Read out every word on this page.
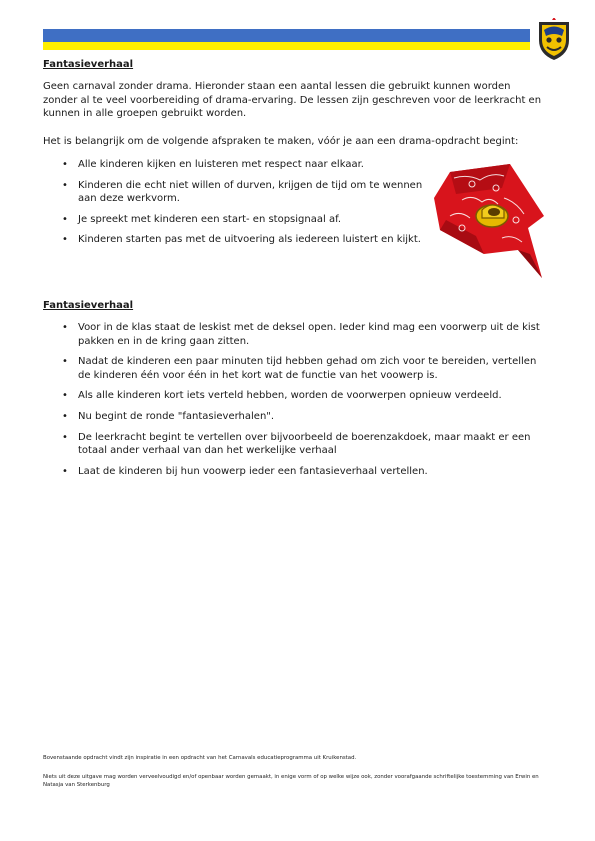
Fantasieverhaal
Geen carnaval zonder drama. Hieronder staan een aantal lessen die gebruikt kunnen worden zonder al te veel voorbereiding of drama-ervaring. De lessen zijn geschreven voor de leerkracht en kunnen in alle groepen gebruikt worden.
Het is belangrijk om de volgende afspraken te maken, vóór je aan een drama-opdracht begint:
• Alle kinderen kijken en luisteren met respect naar elkaar.
• Kinderen die echt niet willen of durven, krijgen de tijd om te wennen aan deze werkvorm.
• Je spreekt met kinderen een start- en stopsignaal af.
• Kinderen starten pas met de uitvoering als iedereen luistert en kijkt.
Fantasieverhaal
• Voor in de klas staat de leskist met de deksel open. Ieder kind mag een voorwerp uit de kist pakken en in de kring gaan zitten.
• Nadat de kinderen een paar minuten tijd hebben gehad om zich voor te bereiden, vertellen de kinderen één voor één in het kort wat de functie van het voowerp is.
• Als alle kinderen kort iets verteld hebben, worden de voorwerpen opnieuw verdeeld.
• Nu begint de ronde "fantasieverhalen".
• De leerkracht begint te vertellen over bijvoorbeeld de boerenzakdoek, maar maakt er een totaal ander verhaal van dan het werkelijke verhaal
• Laat de kinderen bij hun voowerp ieder een fantasieverhaal vertellen.
Bovenstaande opdracht vindt zijn inspiratie in een opdracht van het Carnavals educatieprogramma uit Kruikenstad.
Niets uit deze uitgave mag worden verveelvoudigd en/of openbaar worden gemaakt, in enige vorm of op welke wijze ook, zonder voorafgaande schriftelijke toestemming van Erwin en Natasja van Sterkenburg
